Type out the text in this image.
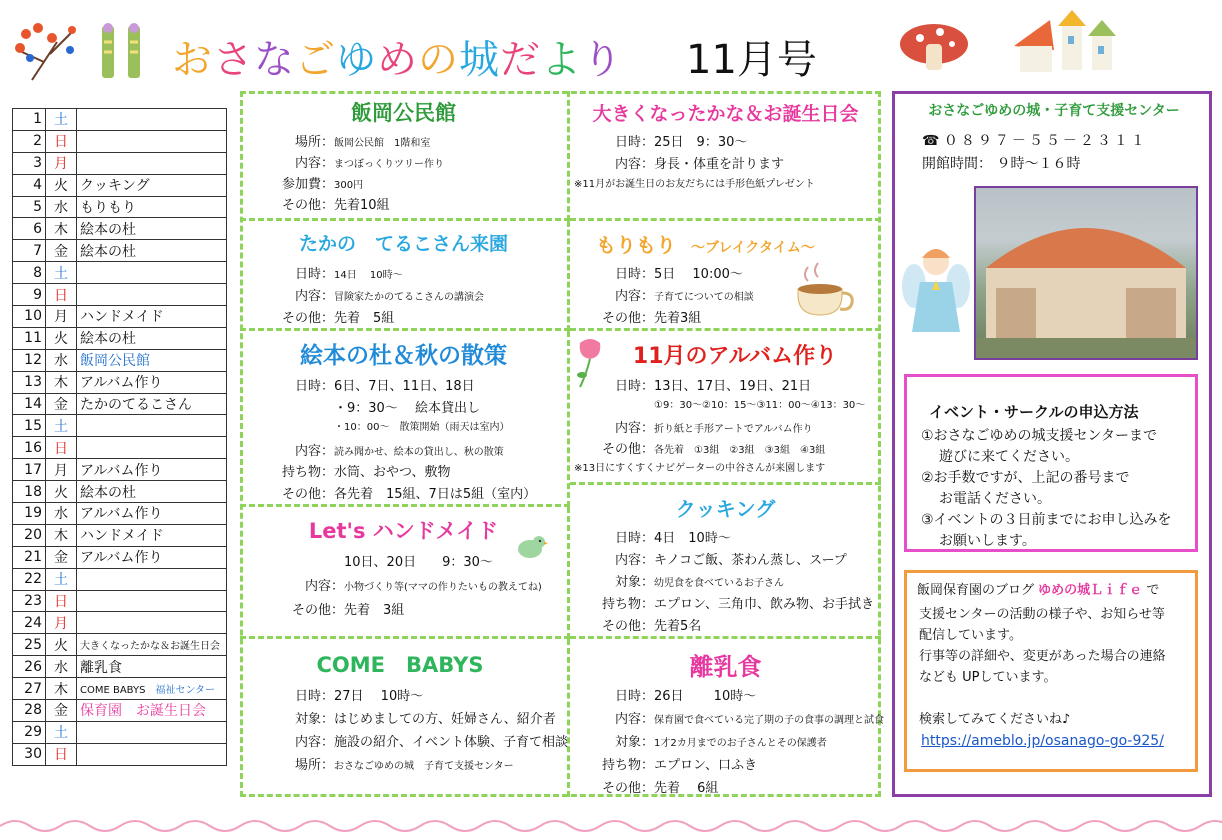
おさなごゆめの城だより 11月号
1	土	
2	日	
3	月	
4	火	クッキング
5	水	もりもり
6	木	絵本の杜
7	金	絵本の杜
8	土	
9	日	
10	月	ハンドメイド
11	火	絵本の杜
12	水	飯岡公民館
13	木	アルバム作り
14	金	たかのてるこさん
15	土	
16	日	
17	月	アルバム作り
18	火	絵本の杜
19	水	アルバム作り
20	木	ハンドメイド
21	金	アルバム作り
22	土	
23	日	
24	月	
25	火	大きくなったかな＆お誕生日会
26	水	離乳食
27	木	COME BABYS　福祉センター
28	金	保育園　お誕生日会
29	土	
30	日	
飯岡公民館
場所：飯岡公民館　1階和室
内容：まつぼっくりツリー作り
参加費：300円
その他：先着10組
たかの　てるこさん来園
日時：14日　 10時～
内容：冒険家たかのてるこさんの講演会
その他：先着　5組
絵本の杜＆秋の散策
日時：6日、7日、11日、18日
・9：30～　 絵本貸出し
・10：00～　散策開始（雨天は室内）
内容：読み聞かせ、絵本の貸出し、秋の散策
持ち物：水筒、おやつ、敷物
その他：各先着　15組、7日は5組（室内）
Let's ハンドメイド
10日、20日　　9：30～
内容：小物づくり等(ママの作りたいもの教えてね)
その他：先着　3組
COME　BABYS
日時：27日　 10時～
対象：はじめましての方、妊婦さん、紹介者
内容：施設の紹介、イベント体験、子育て相談
場所：おさなごゆめの城　子育て支援センター
大きくなったかな＆お誕生日会
日時：25日　9：30～
内容：身長・体重を計ります
※11月がお誕生日のお友だちには手形色紙プレゼント
もりもり ～ブレイクタイム～
日時：5日　 10:00～
内容：子育てについての相談
その他：先着3組
11月のアルバム作り
日時：13日、17日、19日、21日
①9：30～②10：15～③11：00～④13：30～
内容：折り紙と手形アートでアルバム作り
その他：各先着　①3組　②3組　③3組　④3組
※13日にすくすくナビゲーターの中谷さんが来園します
クッキング
日時：4日　10時～
内容：キノコご飯、茶わん蒸し、スープ
対象：幼児食を食べているお子さん
持ち物：エプロン、三角巾、飲み物、お手拭き
その他：先着5名
離乳食
日時：26日　　 10時～
内容：保育園で食べている完了期の子の食事の調理と試食
対象：1才2カ月までのお子さんとその保護者
持ち物：エプロン、口ふき
その他：先着　 6組
おさなごゆめの城・子育て支援センター
☎ ０８９７－５５－２３１１
開館時間： ９時～１６時
イベント・サークルの申込方法
①おさなごゆめの城支援センターまで
遊びに来てください。
②お手数ですが、上記の番号まで
お電話ください。
③イベントの３日前までにお申し込みを
お願いします。
飯岡保育園のブログ ゆめの城Ｌｉｆｅ で
支援センターの活動の様子や、お知らせ等
配信しています。
行事等の詳細や、変更があった場合の連絡
なども UPしています。
検索してみてくださいね♪
https://ameblo.jp/osanago-go-925/
